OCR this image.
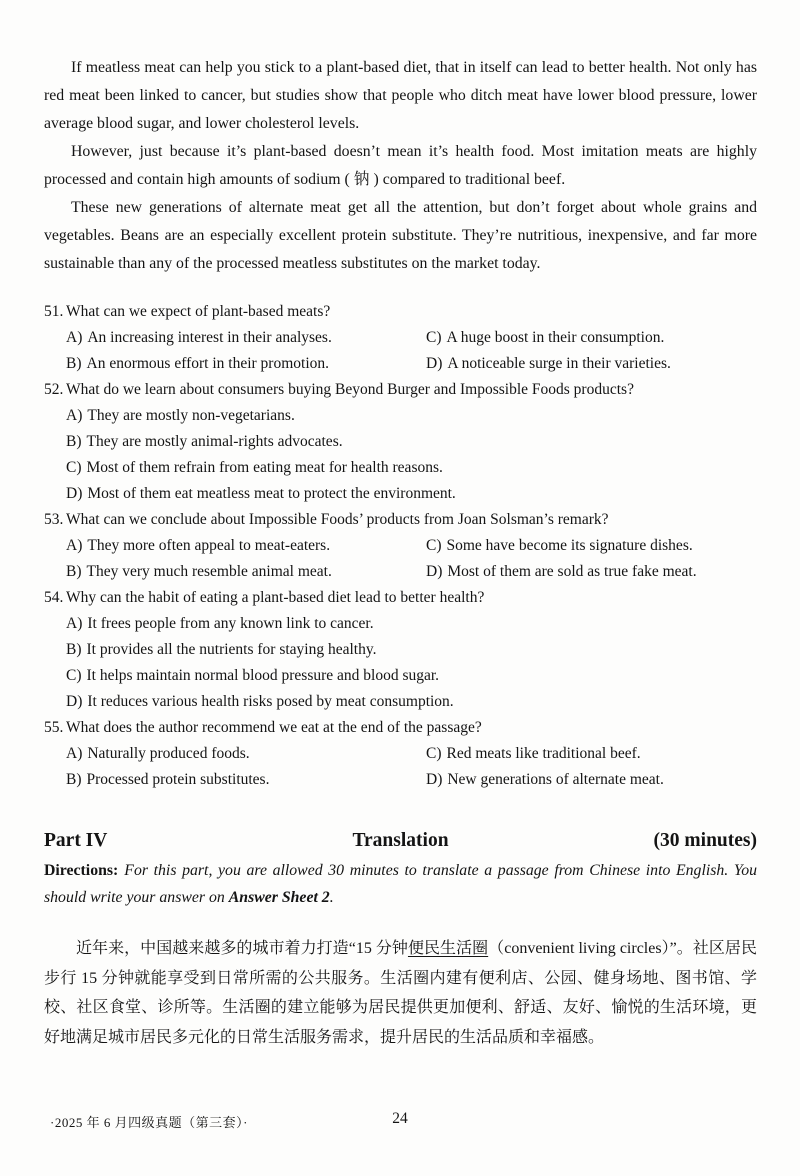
If meatless meat can help you stick to a plant-based diet, that in itself can lead to better health. Not only has red meat been linked to cancer, but studies show that people who ditch meat have lower blood pressure, lower average blood sugar, and lower cholesterol levels.

However, just because it’s plant-based doesn’t mean it’s health food. Most imitation meats are highly processed and contain high amounts of sodium ( 钠 ) compared to traditional beef.

These new generations of alternate meat get all the attention, but don’t forget about whole grains and vegetables. Beans are an especially excellent protein substitute. They’re nutritious, inexpensive, and far more sustainable than any of the processed meatless substitutes on the market today.

51. What can we expect of plant-based meats?
A) An increasing interest in their analyses.	C) A huge boost in their consumption.
B) An enormous effort in their promotion.	D) A noticeable surge in their varieties.
52. What do we learn about consumers buying Beyond Burger and Impossible Foods products?
A) They are mostly non-vegetarians.
B) They are mostly animal-rights advocates.
C) Most of them refrain from eating meat for health reasons.
D) Most of them eat meatless meat to protect the environment.
53. What can we conclude about Impossible Foods’ products from Joan Solsman’s remark?
A) They more often appeal to meat-eaters.	C) Some have become its signature dishes.
B) They very much resemble animal meat.	D) Most of them are sold as true fake meat.
54. Why can the habit of eating a plant-based diet lead to better health?
A) It frees people from any known link to cancer.
B) It provides all the nutrients for staying healthy.
C) It helps maintain normal blood pressure and blood sugar.
D) It reduces various health risks posed by meat consumption.
55. What does the author recommend we eat at the end of the passage?
A) Naturally produced foods.	C) Red meats like traditional beef.
B) Processed protein substitutes.	D) New generations of alternate meat.
Part IV	Translation	(30 minutes)

Directions: For this part, you are allowed 30 minutes to translate a passage from Chinese into English. You should write your answer on Answer Sheet 2.

近年来，中国越来越多的城市着力打造“15 分钟便民生活圈（convenient living circles）”。社区居民步行 15 分钟就能享受到日常所需的公共服务。生活圈内建有便利店、公园、健身场地、图书馆、学校、社区食堂、诊所等。生活圈的建立能够为居民提供更加便利、舒适、友好、愉悦的生活环境，更好地满足城市居民多元化的日常生活服务需求，提升居民的生活品质和幸福感。

·2025 年 6 月四级真题（第三套）·	24
